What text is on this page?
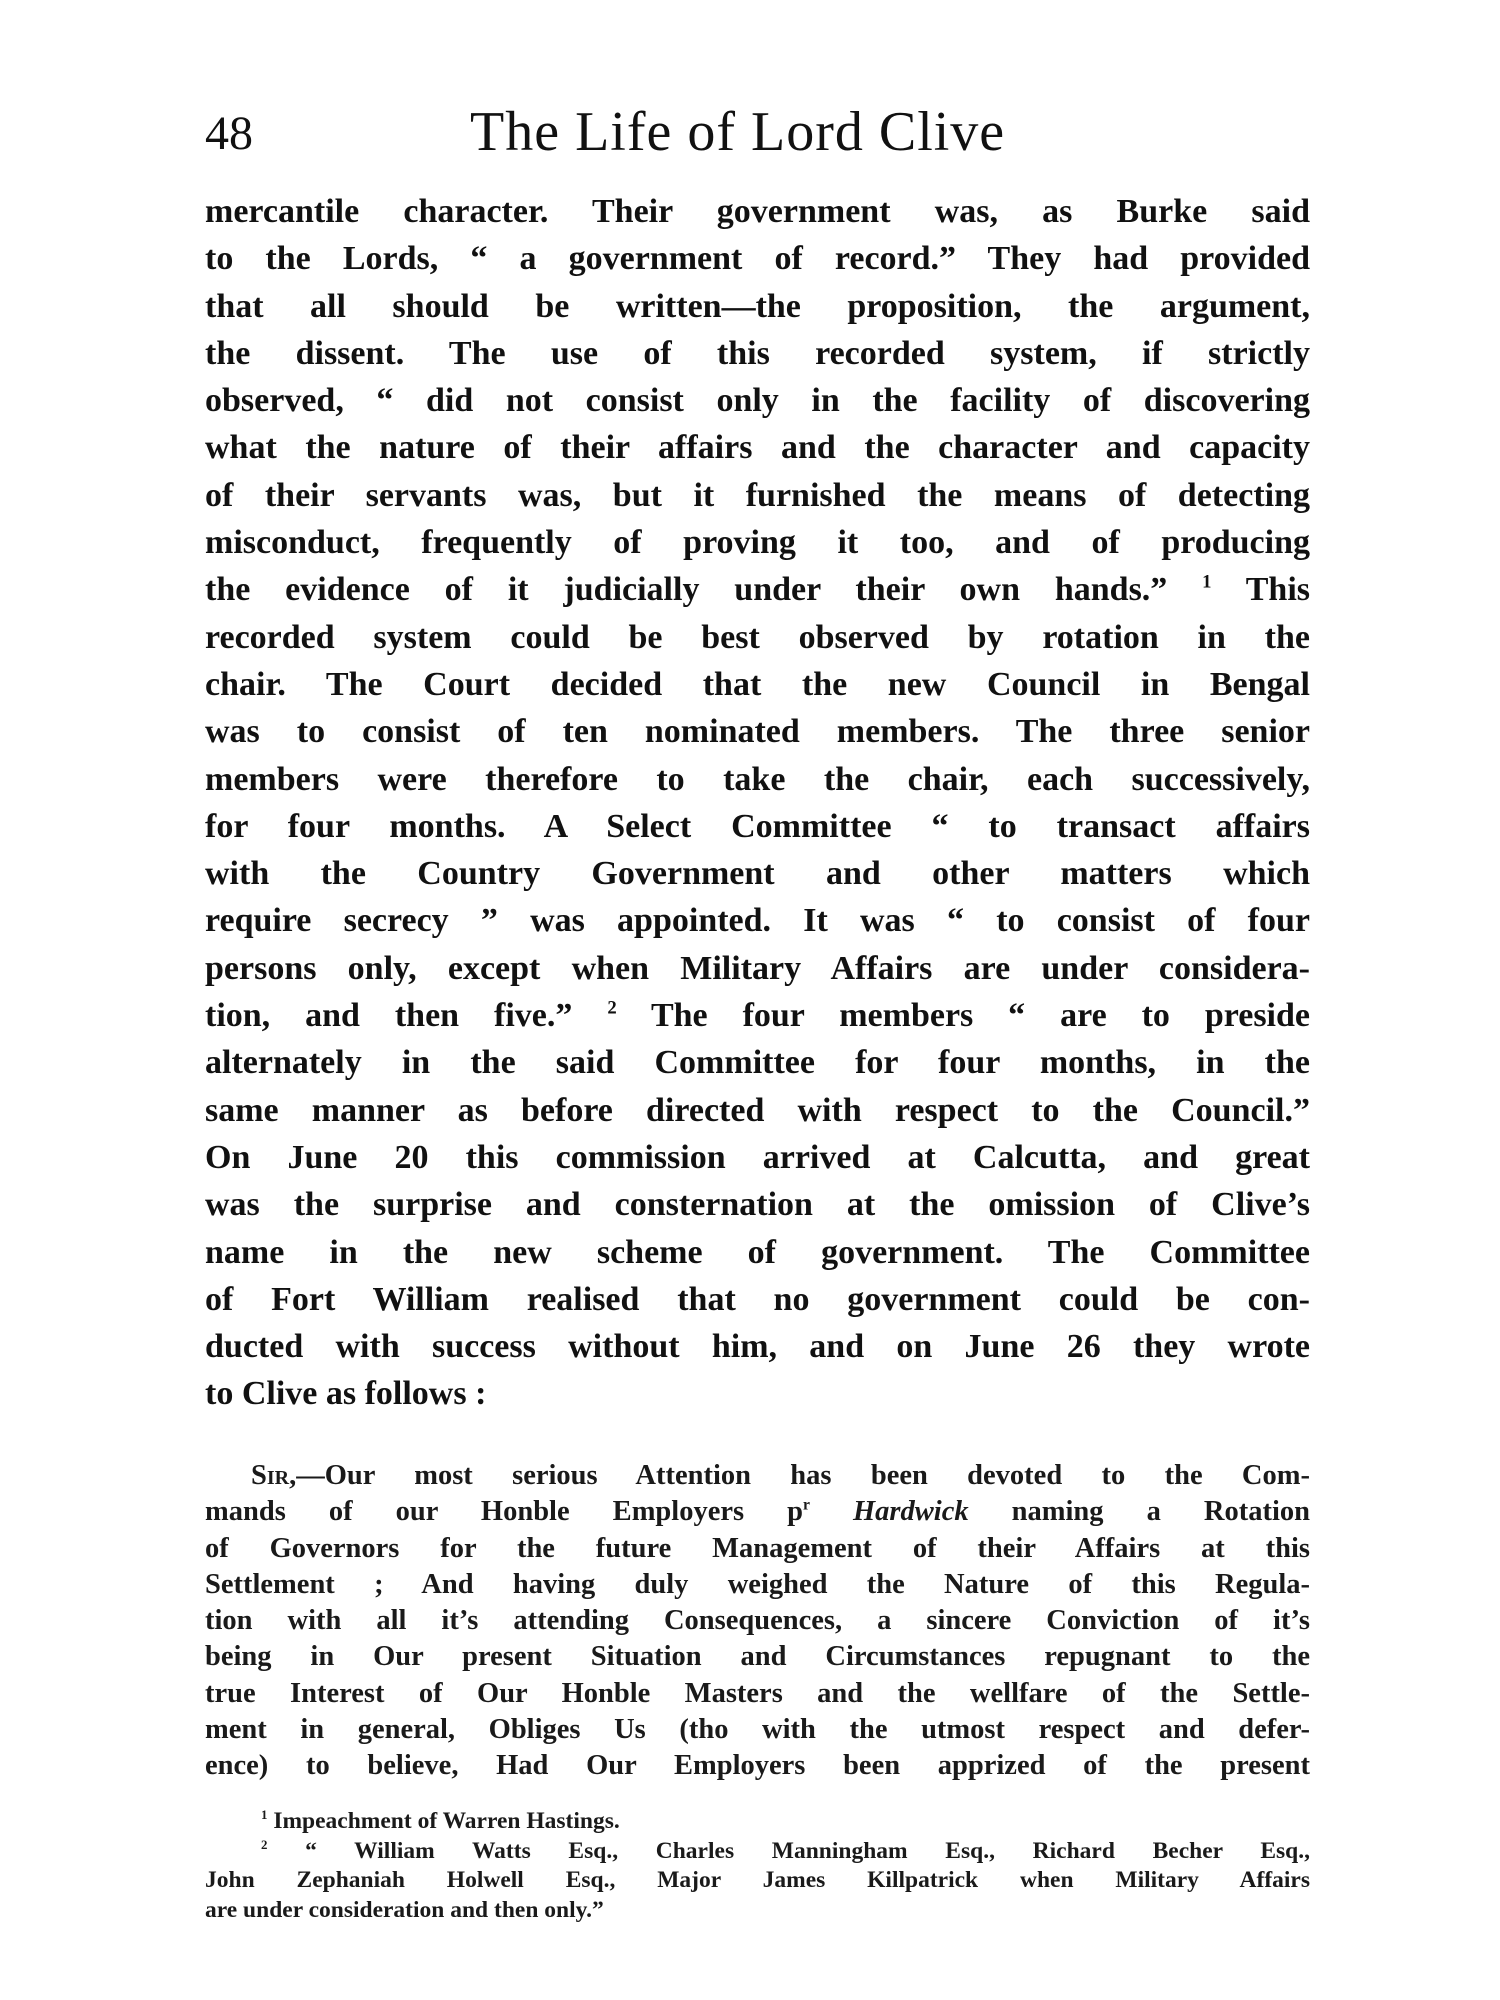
48	The Life of Lord Clive
mercantile character. Their government was, as Burke said
to the Lords, “ a government of record.” They had provided
that all should be written—the proposition, the argument,
the dissent. The use of this recorded system, if strictly
observed, “ did not consist only in the facility of discovering
what the nature of their affairs and the character and capacity
of their servants was, but it furnished the means of detecting
misconduct, frequently of proving it too, and of producing
the evidence of it judicially under their own hands.” $^1$ This
recorded system could be best observed by rotation in the
chair. The Court decided that the new Council in Bengal
was to consist of ten nominated members. The three senior
members were therefore to take the chair, each successively,
for four months. A Select Committee “ to transact affairs
with the Country Government and other matters which
require secrecy ” was appointed. It was “ to consist of four
persons only, except when Military Affairs are under considera-
tion, and then five.” $^2$ The four members “ are to preside
alternately in the said Committee for four months, in the
same manner as before directed with respect to the Council.”
On June 20 this commission arrived at Calcutta, and great
was the surprise and consternation at the omission of Clive’s
name in the new scheme of government. The Committee
of Fort William realised that no government could be con-
ducted with success without him, and on June 26 they wrote
to Clive as follows :
Sir,—Our most serious Attention has been devoted to the Com-
mands of our Honble Employers p$^r$ Hardwick naming a Rotation
of Governors for the future Management of their Affairs at this
Settlement ; And having duly weighed the Nature of this Regula-
tion with all it’s attending Consequences, a sincere Conviction of it’s
being in Our present Situation and Circumstances repugnant to the
true Interest of Our Honble Masters and the wellfare of the Settle-
ment in general, Obliges Us (tho with the utmost respect and defer-
ence) to believe, Had Our Employers been apprized of the present
$^1$ Impeachment of Warren Hastings.
$^2$ “ William Watts Esq., Charles Manningham Esq., Richard Becher Esq.,
John Zephaniah Holwell Esq., Major James Killpatrick when Military Affairs
are under consideration and then only.”
